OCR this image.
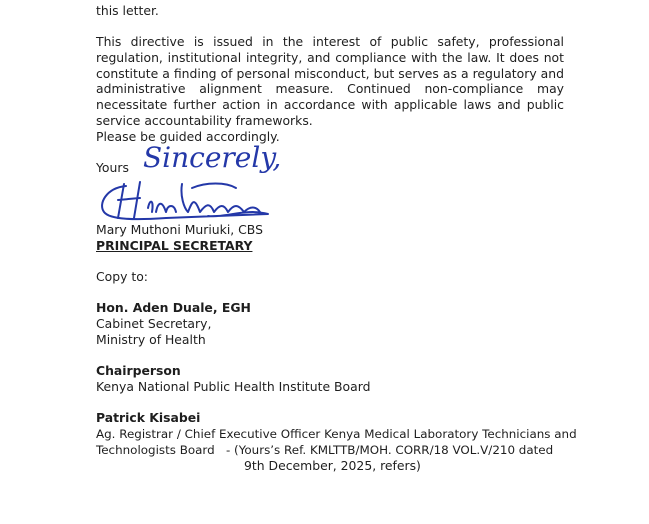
this letter.
This directive is issued in the interest of public safety, professional regulation, institutional integrity, and compliance with the law. It does not constitute a finding of personal misconduct, but serves as a regulatory and administrative alignment measure. Continued non-compliance may necessitate further action in accordance with applicable laws and public service accountability frameworks.
Please be guided accordingly.
Yours Sincerely,
Mary Muthoni Muriuki, CBS
PRINCIPAL SECRETARY
Copy to:
Hon. Aden Duale, EGH
Cabinet Secretary,
Ministry of Health
Chairperson
Kenya National Public Health Institute Board
Patrick Kisabei
Ag. Registrar / Chief Executive Officer Kenya Medical Laboratory Technicians and
Technologists Board   - (Yours’s Ref. KMLTTB/MOH. CORR/18 VOL.V/210 dated
9th December, 2025, refers)
